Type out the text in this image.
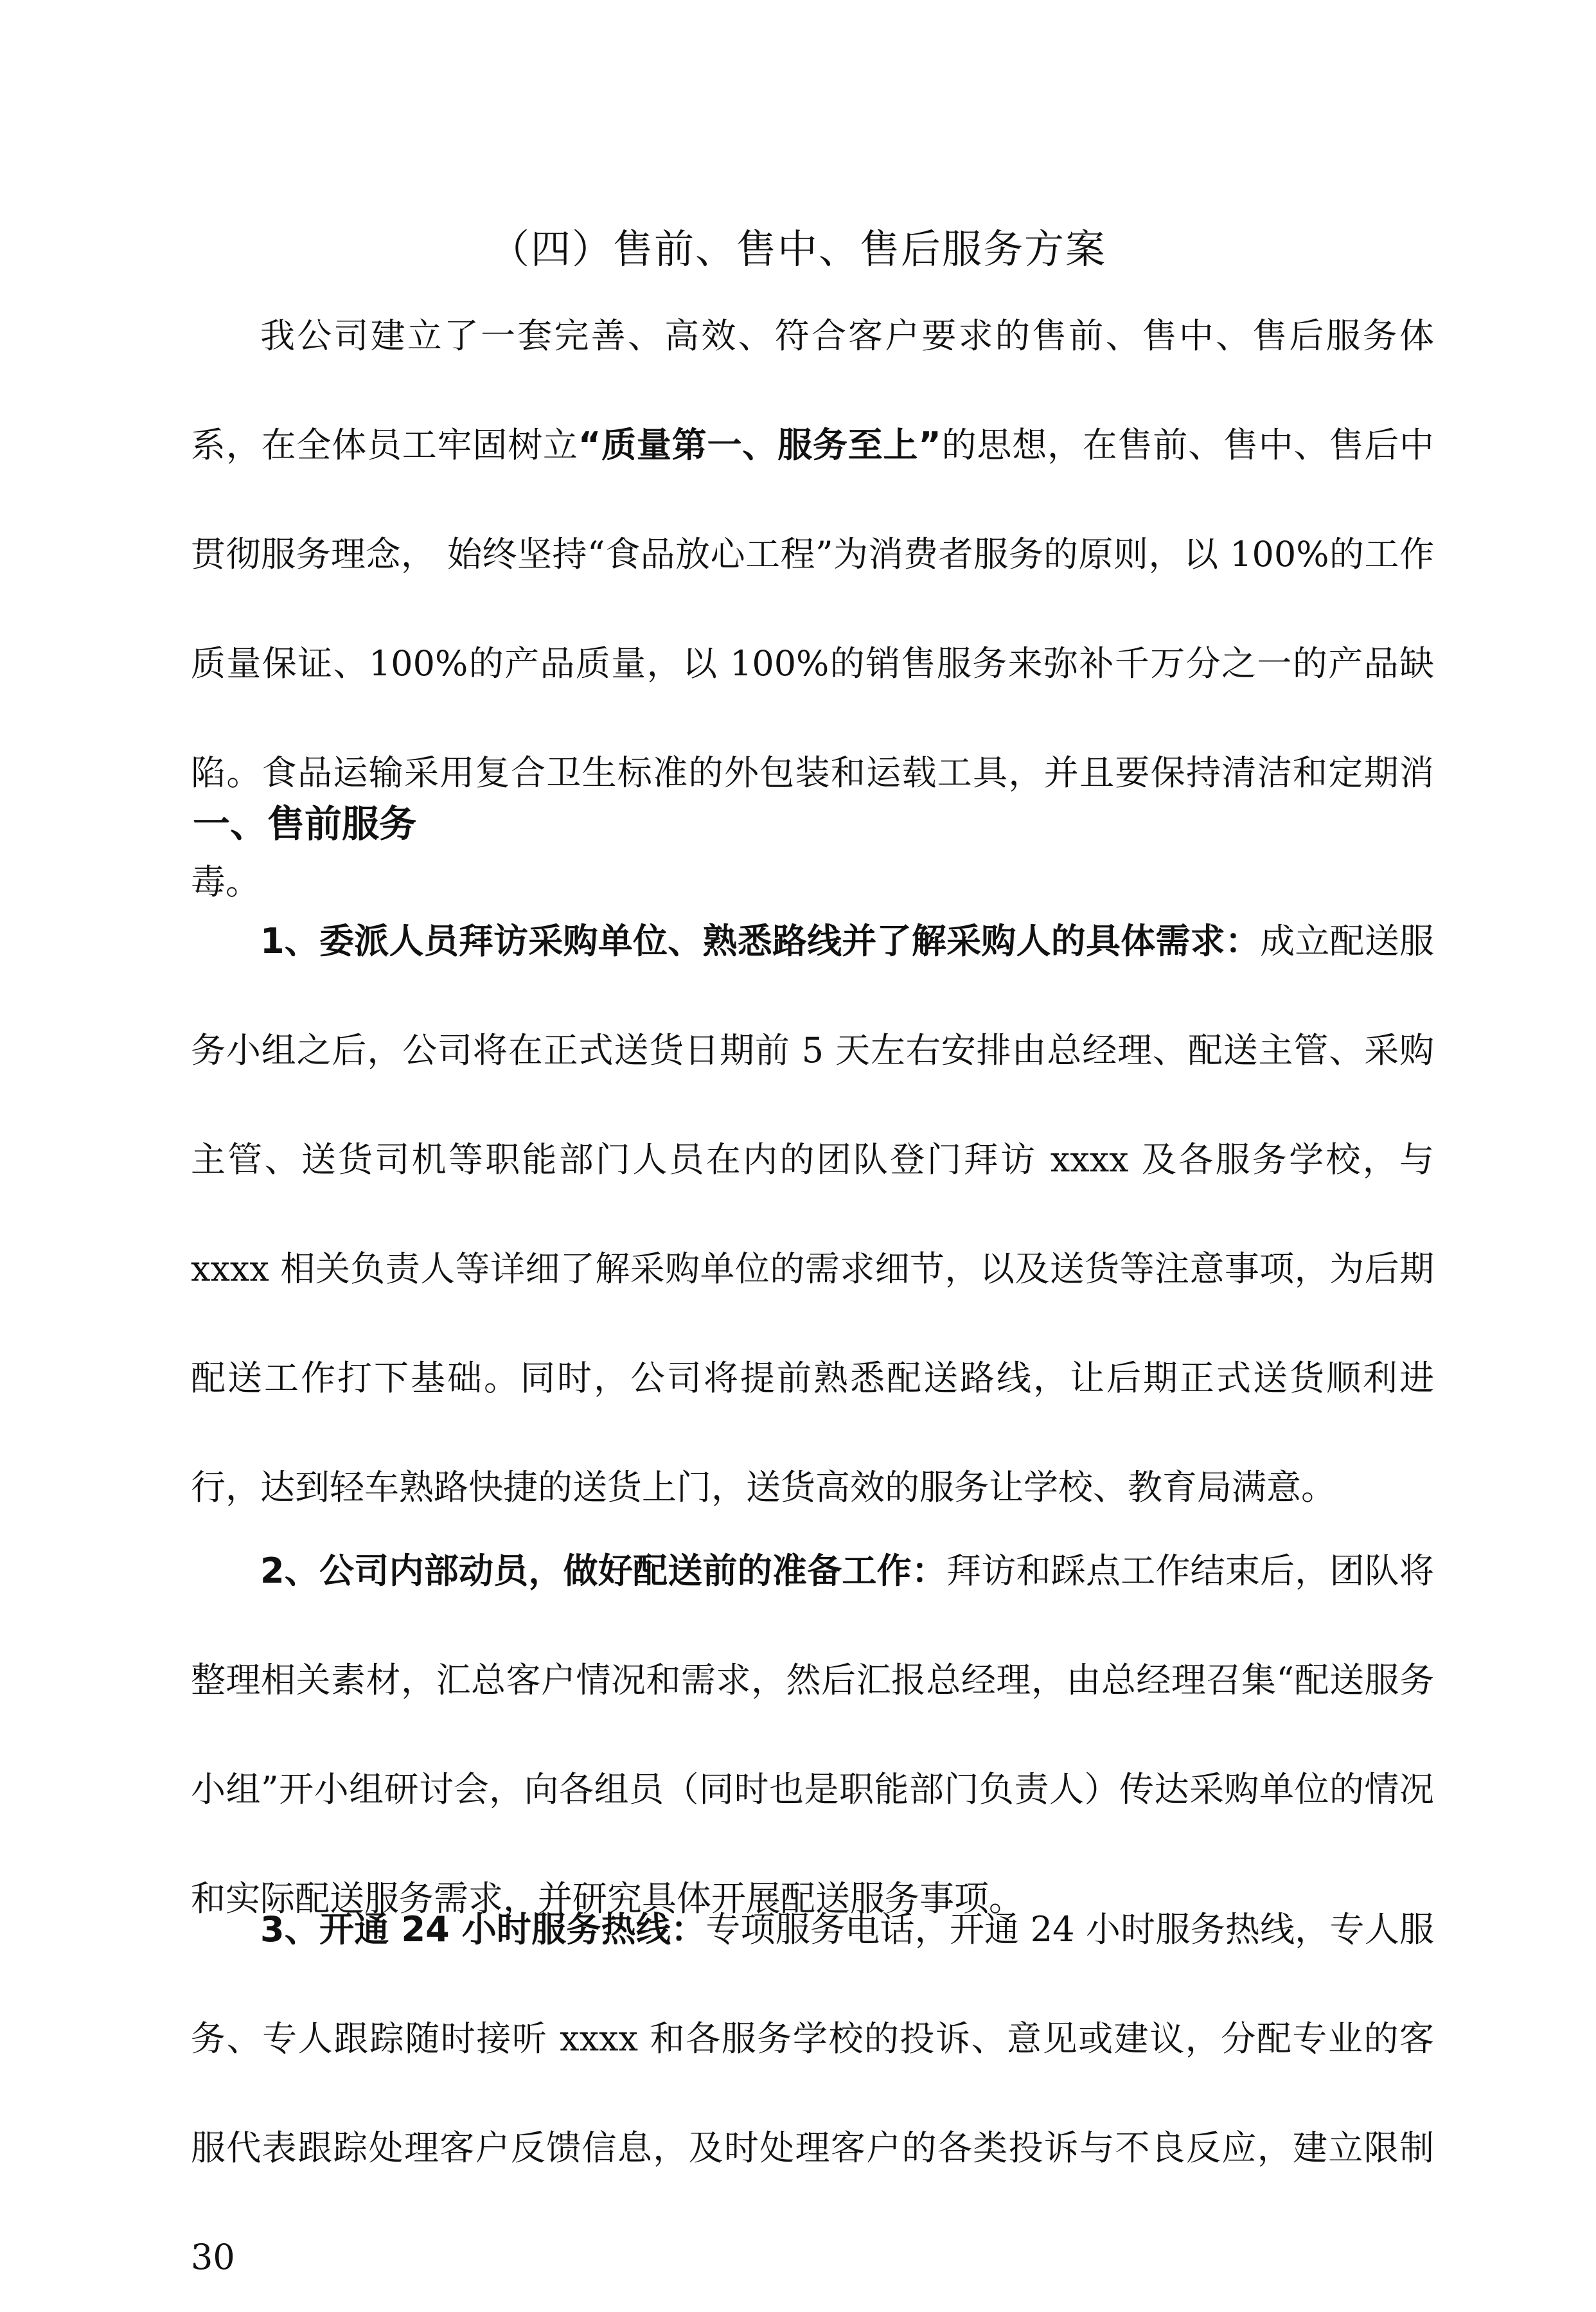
（四）售前、售中、售后服务方案

我公司建立了一套完善、高效、符合客户要求的售前、售中、售后服务体系，在全体员工牢固树立“质量第一、服务至上”的思想，在售前、售中、售后中贯彻服务理念， 始终坚持“食品放心工程”为消费者服务的原则，以 100%的工作质量保证、100%的产品质量，以 100%的销售服务来弥补千万分之一的产品缺陷。食品运输采用复合卫生标准的外包装和运载工具，并且要保持清洁和定期消毒。

一、售前服务

1、委派人员拜访采购单位、熟悉路线并了解采购人的具体需求：成立配送服务小组之后，公司将在正式送货日期前 5 天左右安排由总经理、配送主管、采购主管、送货司机等职能部门人员在内的团队登门拜访 xxxx 及各服务学校，与 xxxx 相关负责人等详细了解采购单位的需求细节，以及送货等注意事项，为后期配送工作打下基础。同时，公司将提前熟悉配送路线，让后期正式送货顺利进行，达到轻车熟路快捷的送货上门，送货高效的服务让学校、教育局满意。

2、公司内部动员，做好配送前的准备工作：拜访和踩点工作结束后，团队将整理相关素材，汇总客户情况和需求，然后汇报总经理，由总经理召集“配送服务小组”开小组研讨会，向各组员（同时也是职能部门负责人）传达采购单位的情况和实际配送服务需求，并研究具体开展配送服务事项。

3、开通 24 小时服务热线：专项服务电话，开通 24 小时服务热线，专人服务、专人跟踪随时接听 xxxx 和各服务学校的投诉、意见或建议，分配专业的客服代表跟踪处理客户反馈信息，及时处理客户的各类投诉与不良反应，建立限制 30
